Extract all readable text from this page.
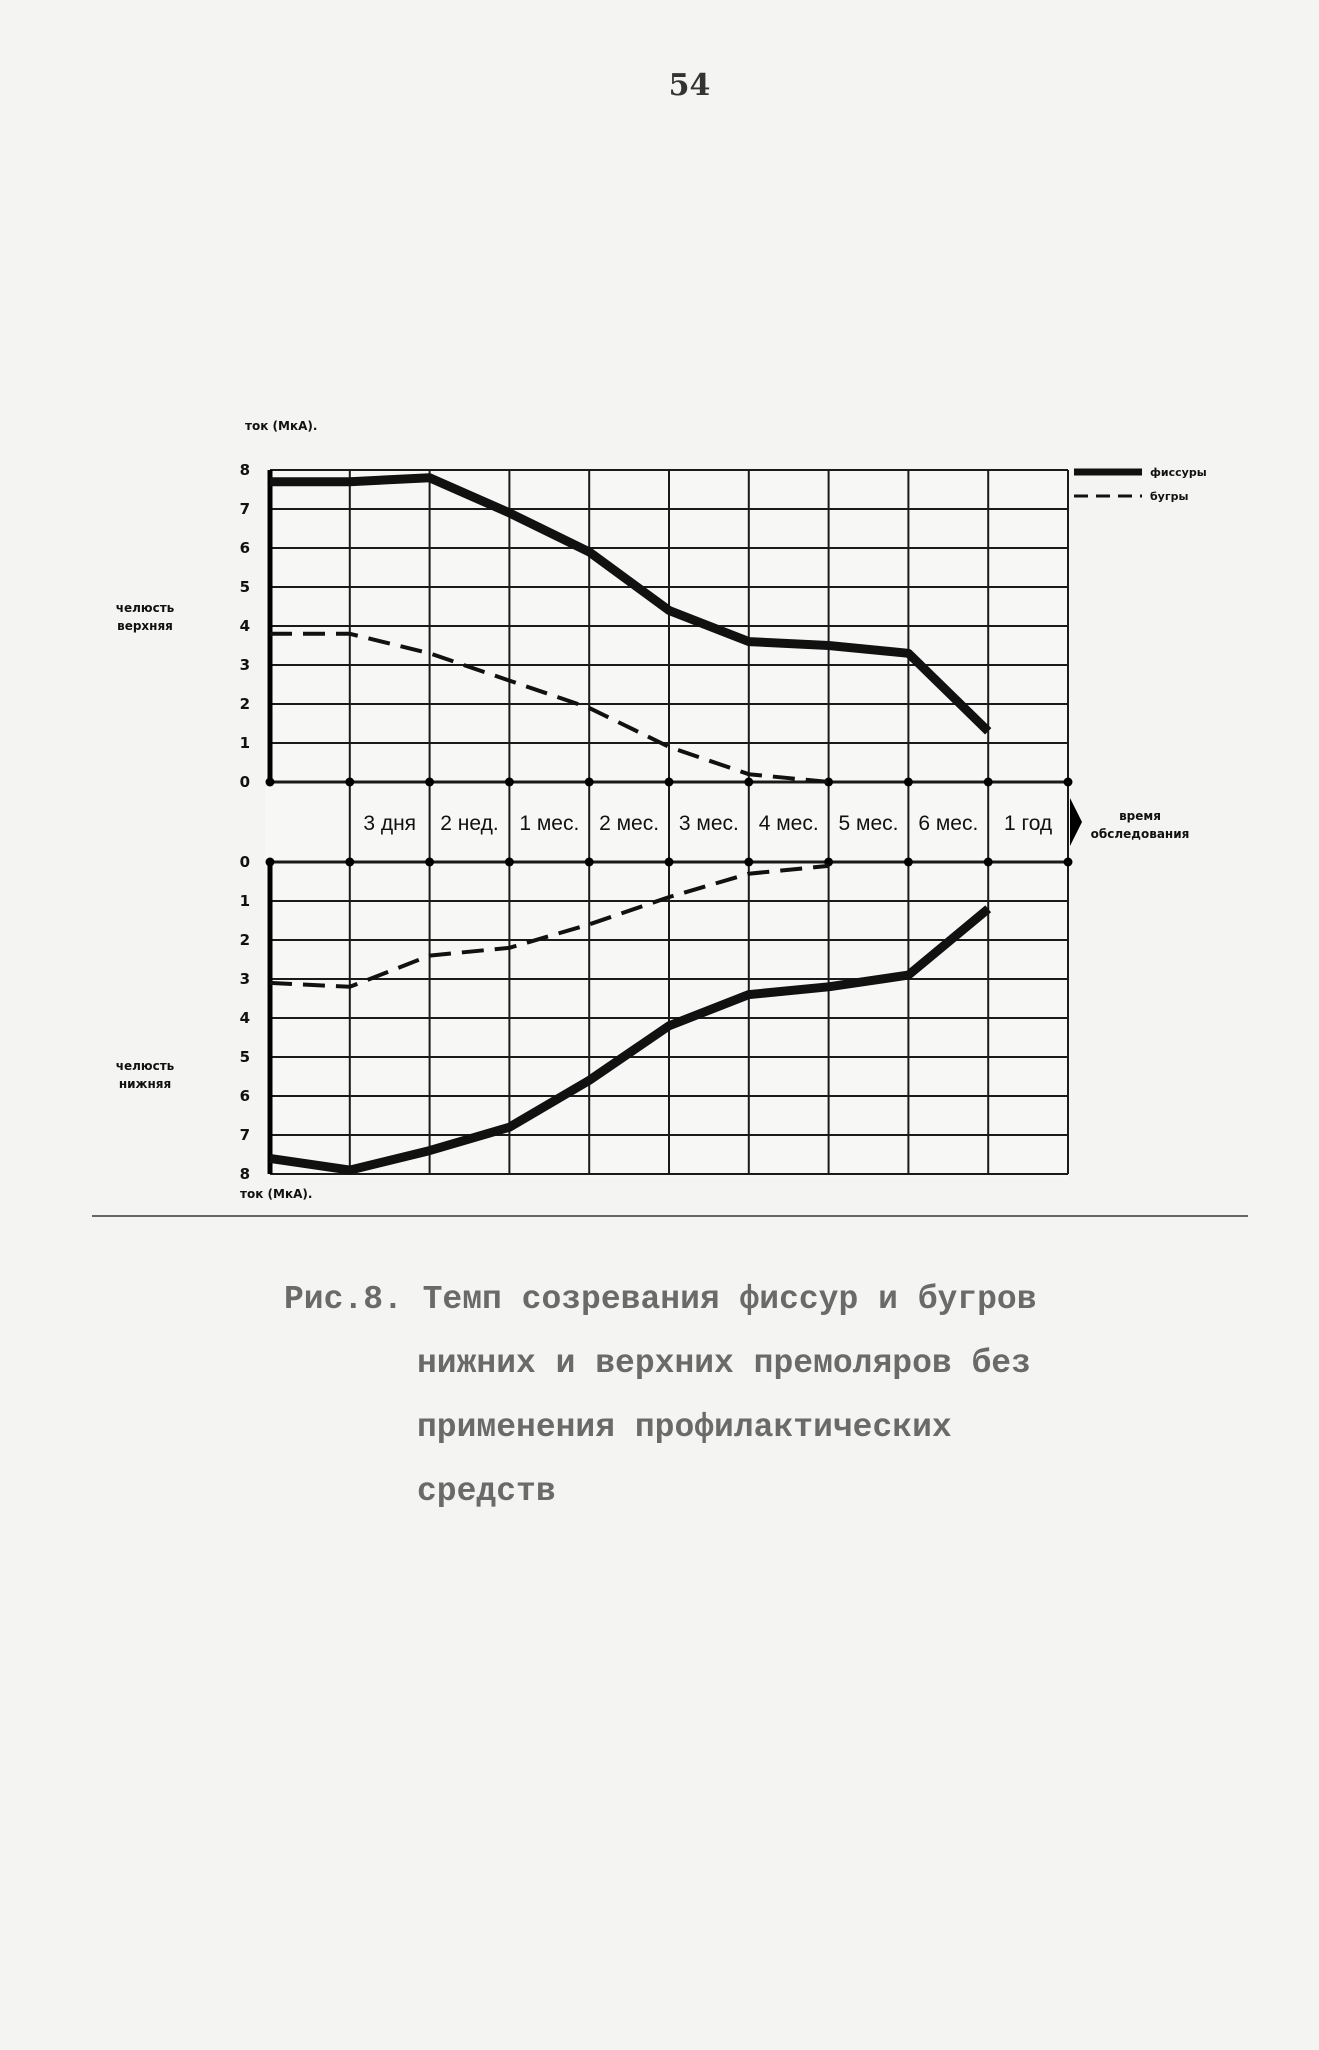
54
3 дня 2 нед. 1 мес. 2 мес. 3 мес. 4 мес. 5 мес. 6 мес. 1 год
0
1
2
3
4
5
6
7
8
0
1
2
3
4
5
6
7
8
фиссуры
бугры
челюсть
верхняя
челюсть
нижняя
ток (МкА).
ток (МкА).
время
обследования
Рис.8. Темп созревания фиссур и бугров
нижних и верхних премоляров без
применения профилактических
средств
